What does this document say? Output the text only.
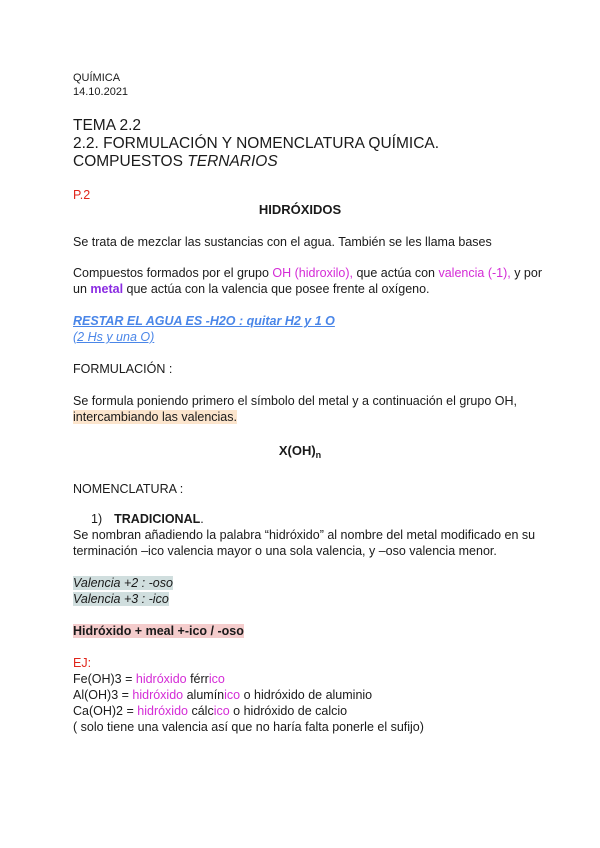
QUÍMICA
14.10.2021
TEMA 2.2
2.2. FORMULACIÓN Y NOMENCLATURA QUÍMICA.
COMPUESTOS TERNARIOS
P.2
HIDRÓXIDOS
Se trata de mezclar las sustancias con el agua. También se les llama bases
Compuestos formados por el grupo OH (hidroxilo), que actúa con valencia (-1), y por
un metal que actúa con la valencia que posee frente al oxígeno.
RESTAR EL AGUA ES -H2O : quitar H2 y 1 O
(2 Hs y una O)
FORMULACIÓN :
Se formula poniendo primero el símbolo del metal y a continuación el grupo OH,
intercambiando las valencias.
$X(OH)_n$
NOMENCLATURA :
1) TRADICIONAL.
Se nombran añadiendo la palabra “hidróxido” al nombre del metal modificado en su
terminación –ico valencia mayor o una sola valencia, y –oso valencia menor.
Valencia +2 : -oso
Valencia +3 : -ico
Hidróxido + meal +-ico / -oso
EJ:
Fe(OH)3 = hidróxido férrico
Al(OH)3 = hidróxido alumínico o hidróxido de aluminio
Ca(OH)2 = hidróxido cálcico o hidróxido de calcio
( solo tiene una valencia así que no haría falta ponerle el sufijo)
